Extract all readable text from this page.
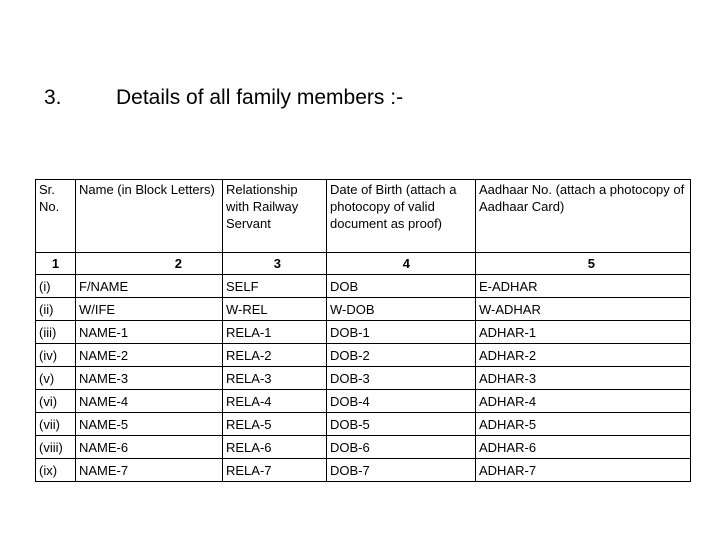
3.	Details of all family members :-
Sr. No.	Name (in Block Letters)	Relationship with Railway Servant	Date of Birth (attach a photocopy of valid document as proof)	Aadhaar No. (attach a photocopy of Aadhaar Card)
1	2	3	4	5
(i)	F/NAME	SELF	DOB	E-ADHAR
(ii)	W/IFE	W-REL	W-DOB	W-ADHAR
(iii)	NAME-1	RELA-1	DOB-1	ADHAR-1
(iv)	NAME-2	RELA-2	DOB-2	ADHAR-2
(v)	NAME-3	RELA-3	DOB-3	ADHAR-3
(vi)	NAME-4	RELA-4	DOB-4	ADHAR-4
(vii)	NAME-5	RELA-5	DOB-5	ADHAR-5
(viii)	NAME-6	RELA-6	DOB-6	ADHAR-6
(ix)	NAME-7	RELA-7	DOB-7	ADHAR-7
